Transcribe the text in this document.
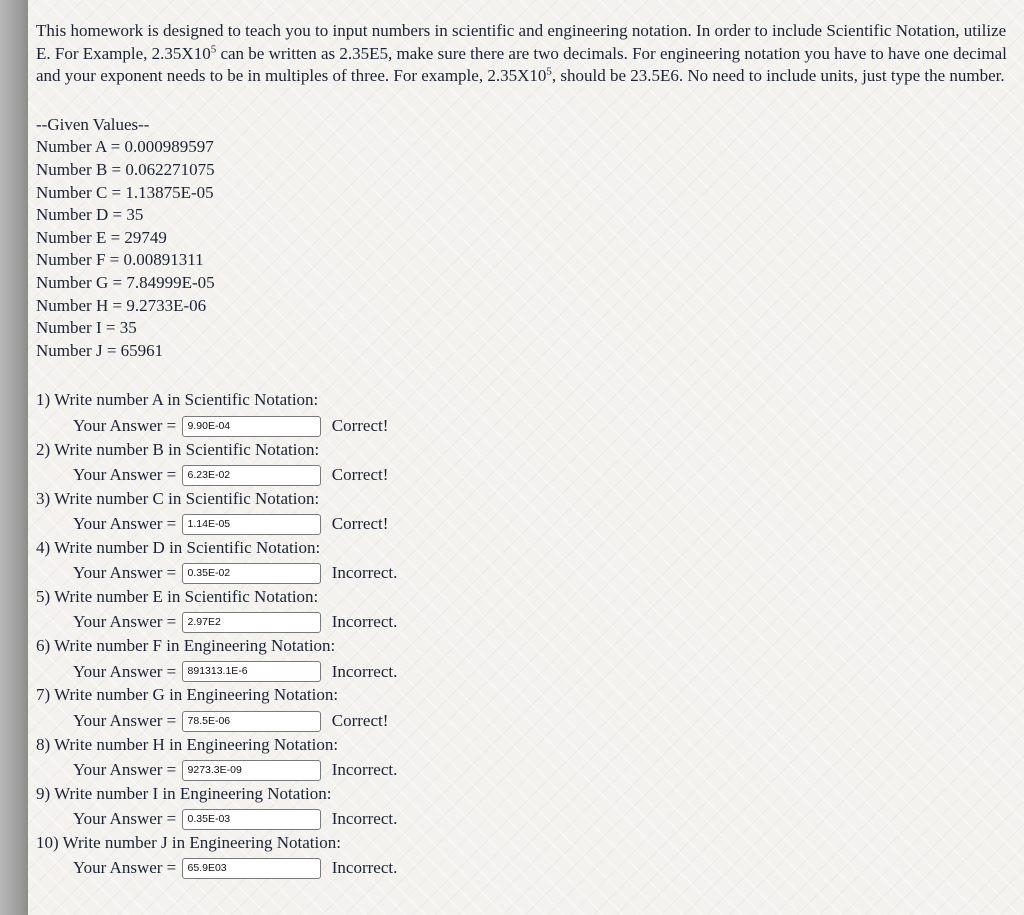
This homework is designed to teach you to input numbers in scientific and engineering notation. In order to include Scientific Notation, utilize E. For Example, $2.35X10^5$ can be written as 2.35E5, make sure there are two decimals. For engineering notation you have to have one decimal and your exponent needs to be in multiples of three. For example, $2.35X10^5$, should be 23.5E6. No need to include units, just type the number.
--Given Values--
Number A = 0.000989597
Number B = 0.062271075
Number C = 1.13875E-05
Number D = 35
Number E = 29749
Number F = 0.00891311
Number G = 7.84999E-05
Number H = 9.2733E-06
Number I = 35
Number J = 65961
1) Write number A in Scientific Notation:
Your Answer = 9.90E-04	Correct!
2) Write number B in Scientific Notation:
Your Answer = 6.23E-02	Correct!
3) Write number C in Scientific Notation:
Your Answer = 1.14E-05	Correct!
4) Write number D in Scientific Notation:
Your Answer = 0.35E-02	Incorrect.
5) Write number E in Scientific Notation:
Your Answer = 2.97E2	Incorrect.
6) Write number F in Engineering Notation:
Your Answer = 891313.1E-6	Incorrect.
7) Write number G in Engineering Notation:
Your Answer = 78.5E-06	Correct!
8) Write number H in Engineering Notation:
Your Answer = 9273.3E-09	Incorrect.
9) Write number I in Engineering Notation:
Your Answer = 0.35E-03	Incorrect.
10) Write number J in Engineering Notation:
Your Answer = 65.9E03	Incorrect.
